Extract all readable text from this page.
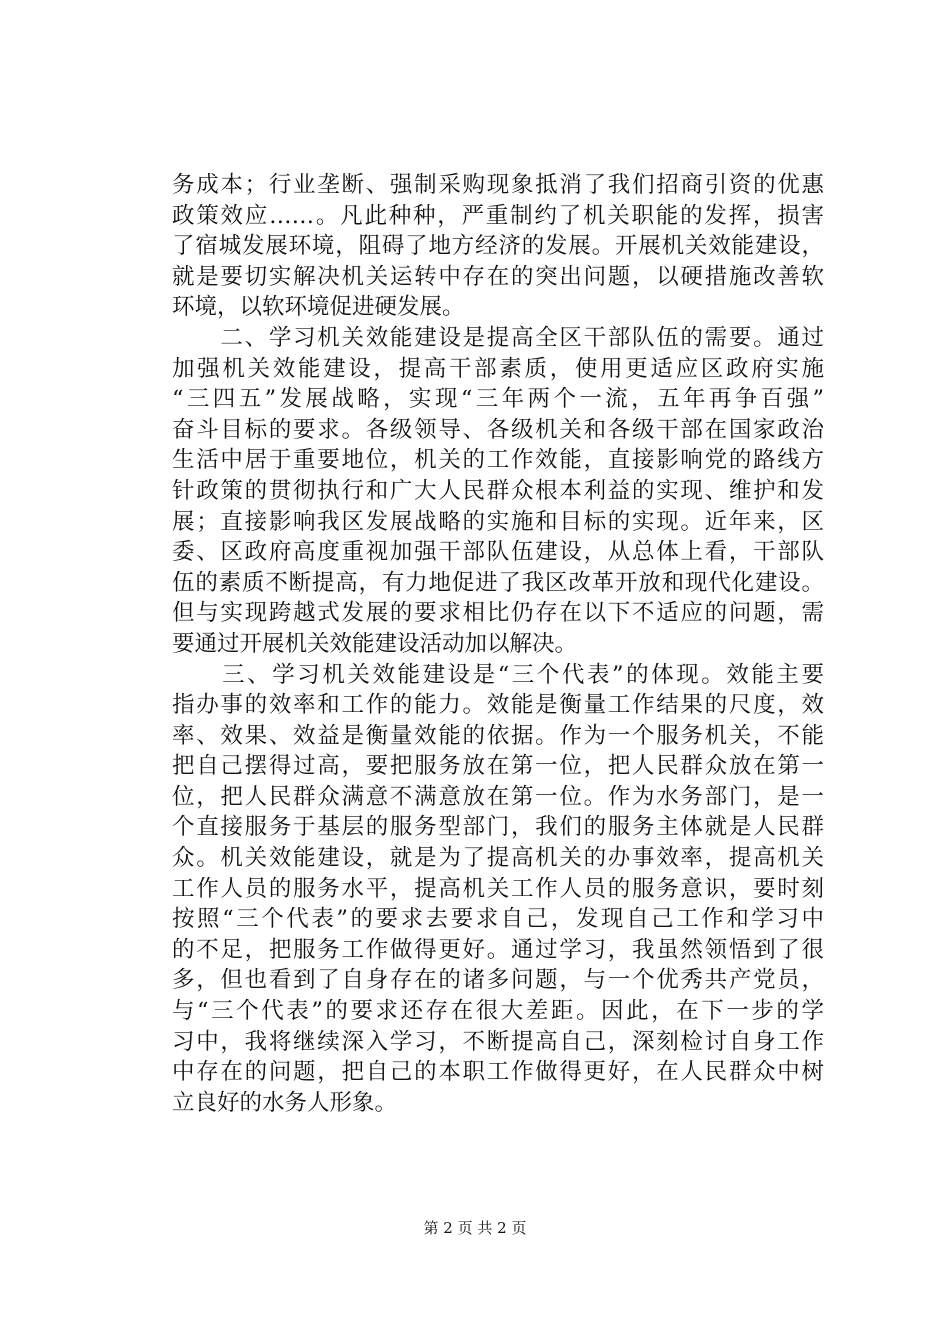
务成本；行业垄断、强制采购现象抵消了我们招商引资的优惠
政策效应……。凡此种种，严重制约了机关职能的发挥，损害
了宿城发展环境，阻碍了地方经济的发展。开展机关效能建设，
就是要切实解决机关运转中存在的突出问题，以硬措施改善软
环境，以软环境促进硬发展。
　　二、学习机关效能建设是提高全区干部队伍的需要。通过
加强机关效能建设，提高干部素质，使用更适应区政府实施
“三四五”发展战略，实现“三年两个一流，五年再争百强”
奋斗目标的要求。各级领导、各级机关和各级干部在国家政治
生活中居于重要地位，机关的工作效能，直接影响党的路线方
针政策的贯彻执行和广大人民群众根本利益的实现、维护和发
展；直接影响我区发展战略的实施和目标的实现。近年来，区
委、区政府高度重视加强干部队伍建设，从总体上看，干部队
伍的素质不断提高，有力地促进了我区改革开放和现代化建设。
但与实现跨越式发展的要求相比仍存在以下不适应的问题，需
要通过开展机关效能建设活动加以解决。
　　三、学习机关效能建设是“三个代表”的体现。效能主要
指办事的效率和工作的能力。效能是衡量工作结果的尺度，效
率、效果、效益是衡量效能的依据。作为一个服务机关，不能
把自己摆得过高，要把服务放在第一位，把人民群众放在第一
位，把人民群众满意不满意放在第一位。作为水务部门，是一
个直接服务于基层的服务型部门，我们的服务主体就是人民群
众。机关效能建设，就是为了提高机关的办事效率，提高机关
工作人员的服务水平，提高机关工作人员的服务意识，要时刻
按照“三个代表”的要求去要求自己，发现自己工作和学习中
的不足，把服务工作做得更好。通过学习，我虽然领悟到了很
多，但也看到了自身存在的诸多问题，与一个优秀共产党员，
与“三个代表”的要求还存在很大差距。因此，在下一步的学
习中，我将继续深入学习，不断提高自己，深刻检讨自身工作
中存在的问题，把自己的本职工作做得更好，在人民群众中树
立良好的水务人形象。
第 2 页 共 2 页
